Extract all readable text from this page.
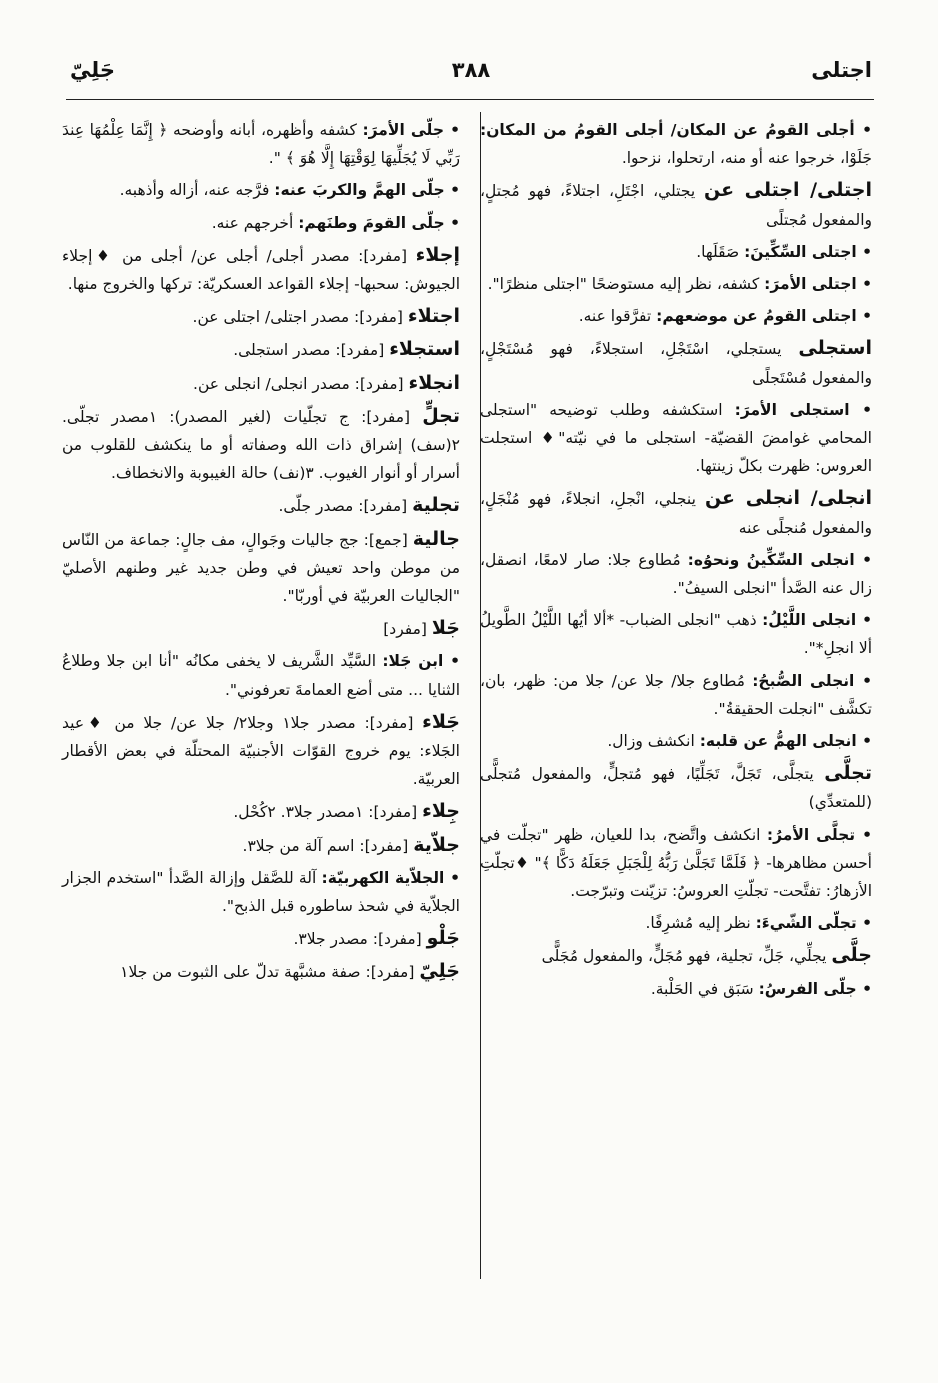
اجتلى
٣٨٨
جَلِيّ

• أجلى القومُ عن المكان/ أجلى القومُ من المكان: جَلَوْا، خرجوا عنه أو منه، ارتحلوا، نزحوا.

اجتلى/ اجتلى عن يجتلي، اجْتَلِ، اجتلاءً، فهو مُجتلٍ، والمفعول مُجتلًى

• اجتلى السِّكِّينَ: صَقَلَها.

• اجتلى الأمرَ: كشفه، نظر إليه مستوضحًا "اجتلى منظرًا".

• اجتلى القومُ عن موضعهم: تفرَّقوا عنه.

استجلى يستجلي، اسْتَجْلِ، استجلاءً، فهو مُسْتَجْلٍ، والمفعول مُسْتَجلًى

• استجلى الأمرَ: استكشفه وطلب توضيحه "استجلى المحامي غوامضَ القضيّة- استجلى ما في نيّته"♦ استجلت العروس: ظهرت بكلّ زينتها.

انجلى/ انجلى عن ينجلي، انْجلِ، انجلاءً، فهو مُنْجَلٍ، والمفعول مُنجلًى عنه

• انجلى السِّكِّينُ ونحوُه: مُطاوع جلا: صار لامعًا، انصقل، زال عنه الصَّدأ "انجلى السيفُ".

• انجلى اللَّيْلُ: ذهب "انجلى الضباب- *ألا أيُها اللَّيْلُ الطَّويلُ ألا انجلِ*".

• انجلى الصُّبحُ: مُطاوع جلا/ جلا عن/ جلا من: ظهر، بان، تكشَّف "انجلت الحقيقةُ".

• انجلى الهمُّ عن قلبه: انكشف وزال.

تجلَّى يتجلَّى، تَجَلَّ، تَجَلِّيًا، فهو مُتجلٍّ، والمفعول مُتجلًّى (للمتعدِّي)

• تجلَّى الأمرُ: انكشف واتَّضح، بدا للعيان، ظهر "تجلّت في أحسن مظاهرها- ﴿ فَلَمَّا تَجَلَّىٰ رَبُّهُ لِلْجَبَلِ جَعَلَهُ دَكًّا ﴾" ♦تجلّتِ الأزهارُ: تفتَّحت- تجلّتِ العروسُ: تزيّنت وتبرّجت.

• تجلّى الشّيءَ: نظر إليه مُشرِفًا.

جلَّى يجلِّي، جَلِّ، تجلية، فهو مُجَلٍّ، والمفعول مُجَلًّى

• جلّى الفرسُ: سَبَق في الحَلْبة.

• جلّى الأمرَ: كشفه وأظهره، أبانه وأوضحه ﴿ إِنَّمَا عِلْمُهَا عِندَ رَبِّي لَا يُجَلِّيهَا لِوَقْتِهَا إِلَّا هُوَ ﴾ ".

• جلّى الهمَّ والكربَ عنه: فرَّجه عنه، أزاله وأذهبه.

• جلّى القومَ وطنَهم: أخرجهم عنه.

إجلاء [مفرد]: مصدر أجلى/ أجلى عن/ أجلى من ♦إجلاء الجيوش: سحبها- إجلاء القواعد العسكريّة: تركها والخروج منها.

اجتلاء [مفرد]: مصدر اجتلى/ اجتلى عن.

استجلاء [مفرد]: مصدر استجلى.

انجلاء [مفرد]: مصدر انجلى/ انجلى عن.

تجلٍّ [مفرد]: ج تجلّيات (لغير المصدر): ١مصدر تجلّى. ٢(سف) إشراق ذات الله وصفاته أو ما ينكشف للقلوب من أسرار أو أنوار الغيوب. ٣(نف) حالة الغيبوبة والانخطاف.

تجلية [مفرد]: مصدر جلّى.

جالية [جمع]: جج جاليات وجَوالٍ، مف جالٍ: جماعة من النّاس من موطن واحد تعيش في وطن جديد غير وطنهم الأصليّ "الجاليات العربيّة في أوربّا".

جَلا [مفرد]

• ابن جَلا: السَّيِّد الشَّريف لا يخفى مكانُه "أنا ابن جلا وطلاعُ الثنايا ... متى أضع العمامةَ تعرفوني".

جَلاء [مفرد]: مصدر جلا١ وجلا٢/ جلا عن/ جلا من ♦عيد الجَلاء: يوم خروج القوّات الأجنبيّة المحتلّة في بعض الأقطار العربيّة.

جِلاء [مفرد]: ١مصدر جلا٣. ٢كُحْل.

جلاّية [مفرد]: اسم آلة من جلا٣.

• الجلاّية الكهربيّة: آلة للصَّقل وإزالة الصَّدأ "استخدم الجزار الجلاّية في شحذ ساطوره قبل الذبح".

جَلْو [مفرد]: مصدر جلا٣.

جَلِيّ [مفرد]: صفة مشبَّهة تدلّ على الثبوت من جلا١
